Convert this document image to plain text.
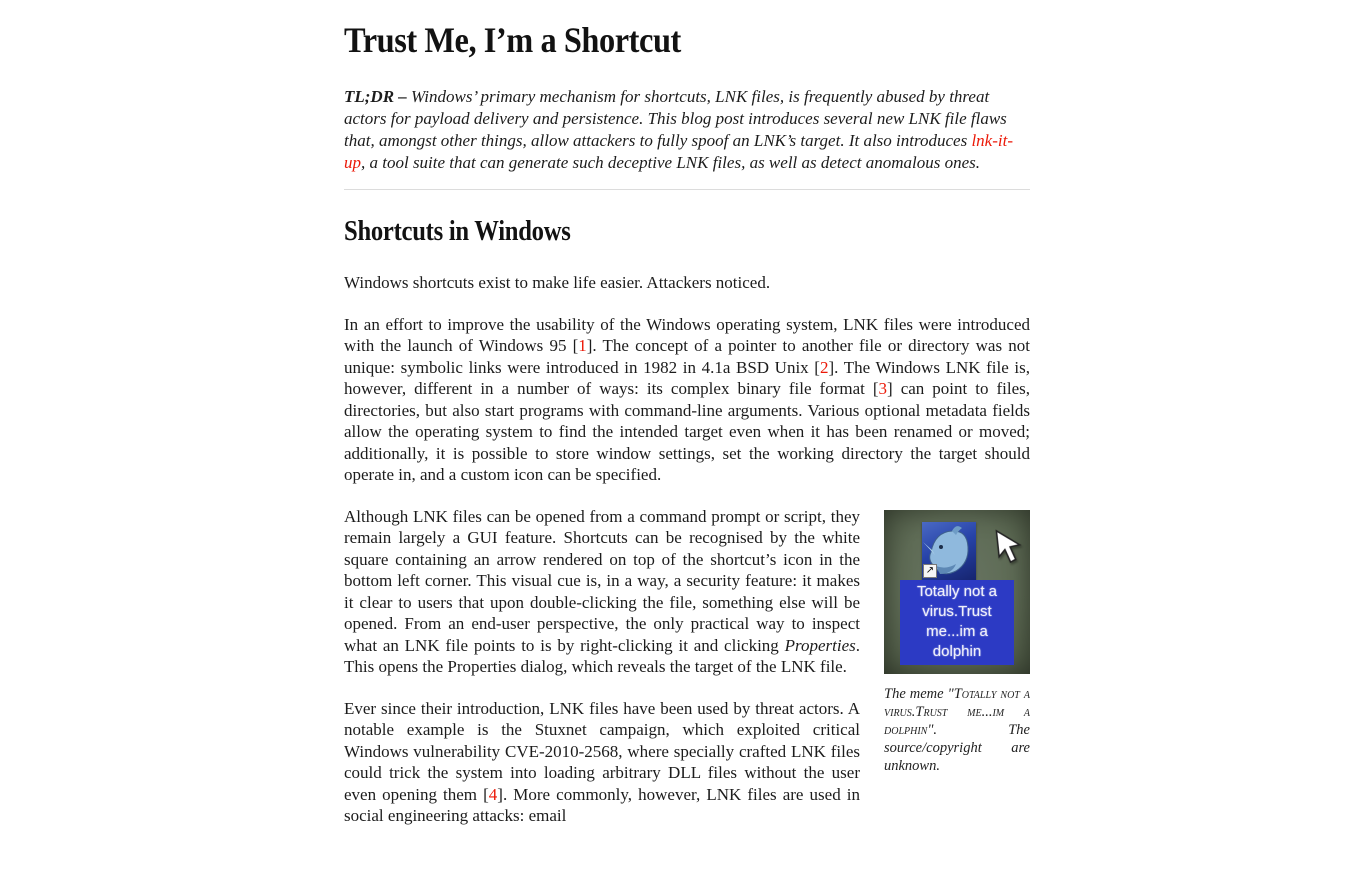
Trust Me, I’m a Shortcut

TL;DR – Windows’ primary mechanism for shortcuts, LNK files, is frequently abused by threat actors for payload delivery and persistence. This blog post introduces several new LNK file flaws that, amongst other things, allow attackers to fully spoof an LNK’s target. It also introduces lnk-it-up, a tool suite that can generate such deceptive LNK files, as well as detect anomalous ones.

Shortcuts in Windows

Windows shortcuts exist to make life easier. Attackers noticed.

In an effort to improve the usability of the Windows operating system, LNK files were introduced with the launch of Windows 95 [1]. The concept of a pointer to another file or directory was not unique: symbolic links were introduced in 1982 in 4.1a BSD Unix [2]. The Windows LNK file is, however, different in a number of ways: its complex binary file format [3] can point to files, directories, but also start programs with command-line arguments. Various optional metadata fields allow the operating system to find the intended target even when it has been renamed or moved; additionally, it is possible to store window settings, set the working directory the target should operate in, and a custom icon can be specified.

↗
Totally not a
virus.Trust
me...im a
dolphin
The meme "Totally not a virus.Trust me...im a dolphin". The source/copyright are unknown.

Although LNK files can be opened from a command prompt or script, they remain largely a GUI feature. Shortcuts can be recognised by the white square containing an arrow rendered on top of the shortcut’s icon in the bottom left corner. This visual cue is, in a way, a security feature: it makes it clear to users that upon double-clicking the file, something else will be opened. From an end-user perspective, the only practical way to inspect what an LNK file points to is by right-clicking it and clicking Properties. This opens the Properties dialog, which reveals the target of the LNK file.

Ever since their introduction, LNK files have been used by threat actors. A notable example is the Stuxnet campaign, which exploited critical Windows vulnerability CVE-2010-2568, where specially crafted LNK files could trick the system into loading arbitrary DLL files without the user even opening them [4]. More commonly, however, LNK files are used in social engineering attacks: email
